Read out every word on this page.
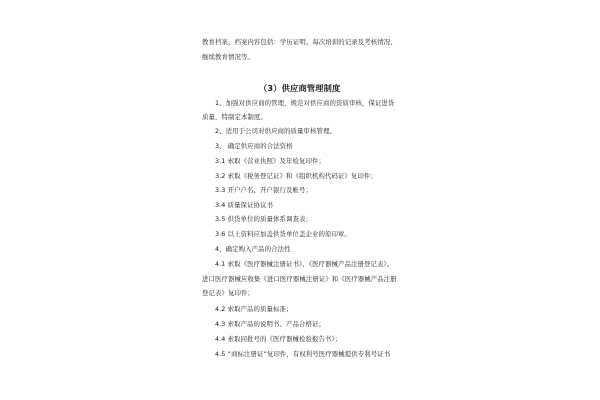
教育档案，档案内容包括：学历证明、每次培训的记录及考核情况、
继续教育情况等。
（3）供应商管理制度
1、加强对供应商的管理，规范对供应商的资质审核，保证进货
质量，特制定本制度。
2、适用于公司对供应商的质量审核管理。
3、 确定供应商的合法资格
3.1 索取《营业执照》及年检复印件；
3.2 索取《税务登记证》和《组织机构代码证》复印件；
3.3 开户户名、开户银行及帐号；
3.4 质量保证协议书
3.5 供货单位的质量体系调查表；
3.6 以上资料应加盖供货单位盖企业的原印章。
4、确定购入产品的合法性
4.1 索取《医疗器械注册证书》、《医疗器械产品注册登记表》。
进口医疗器械应收集《进口医疗器械注册证》和《医疗器械产品注册
登记表》复印件；
4.2 索取产品的质量标准；
4.3 索取产品的说明书、产品合格证；
4.4 索取同批号的《医疗器械检验报告书》；
4.5 “商标注册证”复印件，有权利号医疗器械提供专利号证书
